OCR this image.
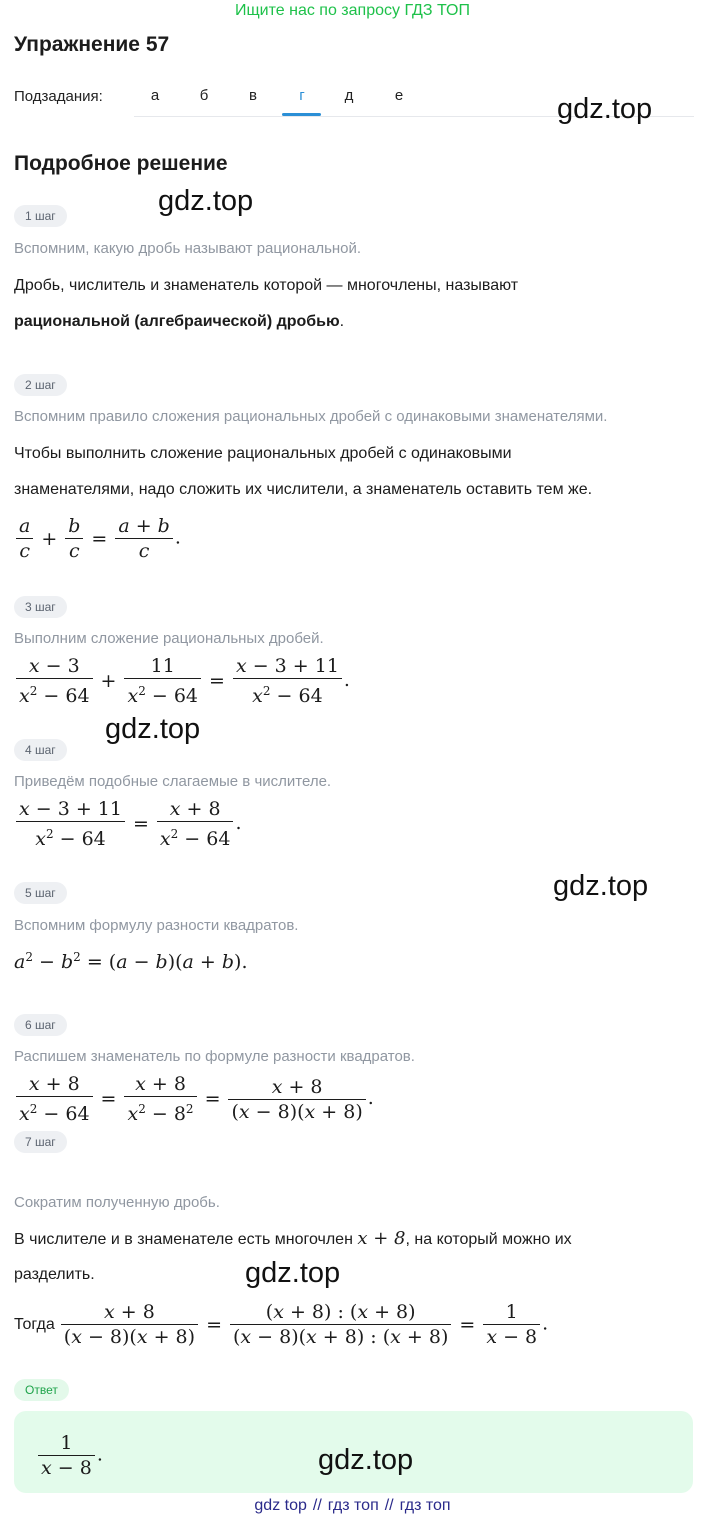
Ищите нас по запросу ГДЗ ТОП
Упражнение 57
Подзадания:	а	б	в	г	д	е	gdz.top
gdz.top
gdz.top
gdz.top
gdz.top
gdz.top
Подробное решение
1 шаг
Вспомним, какую дробь называют рациональной.
Дробь, числитель и знаменатель которой — многочлены, называют
рациональной (алгебраической) дробью.
2 шаг
Вспомним правило сложения рациональных дробей с одинаковыми знаменателями.
Чтобы выполнить сложение рациональных дробей с одинаковыми
знаменателями, надо сложить их числители, а знаменатель оставить тем же.
$\frac{a}{c} + \frac{b}{c} = \frac{a + b}{c}$ .
3 шаг
Выполним сложение рациональных дробей.
$\frac{x - 3}{x^2 - 64} + \frac{11}{x^2 - 64} = \frac{x - 3 + 11}{x^2 - 64}$ .
4 шаг
Приведём подобные слагаемые в числителе.
$\frac{x - 3 + 11}{x^2 - 64} = \frac{x + 8}{x^2 - 64}$ .
5 шаг
Вспомним формулу разности квадратов.
$a^2 - b^2 = (a - b)(a + b)$.
6 шаг
Распишем знаменатель по формуле разности квадратов.
$\frac{x + 8}{x^2 - 64} = \frac{x + 8}{x^2 - 8^2} = \frac{x + 8}{(x - 8)(x + 8)}$ .
7 шаг
Сократим полученную дробь.
В числителе и в знаменателе есть многочлен x + 8, на который можно их
разделить.
Тогда $\frac{x + 8}{(x - 8)(x + 8)} = \frac{(x + 8) : (x + 8)}{(x - 8)(x + 8) : (x + 8)} = \frac{1}{x - 8}$ .
Ответ
$\frac{1}{x - 8}$ .
gdz top // гдз топ // гдз топ
